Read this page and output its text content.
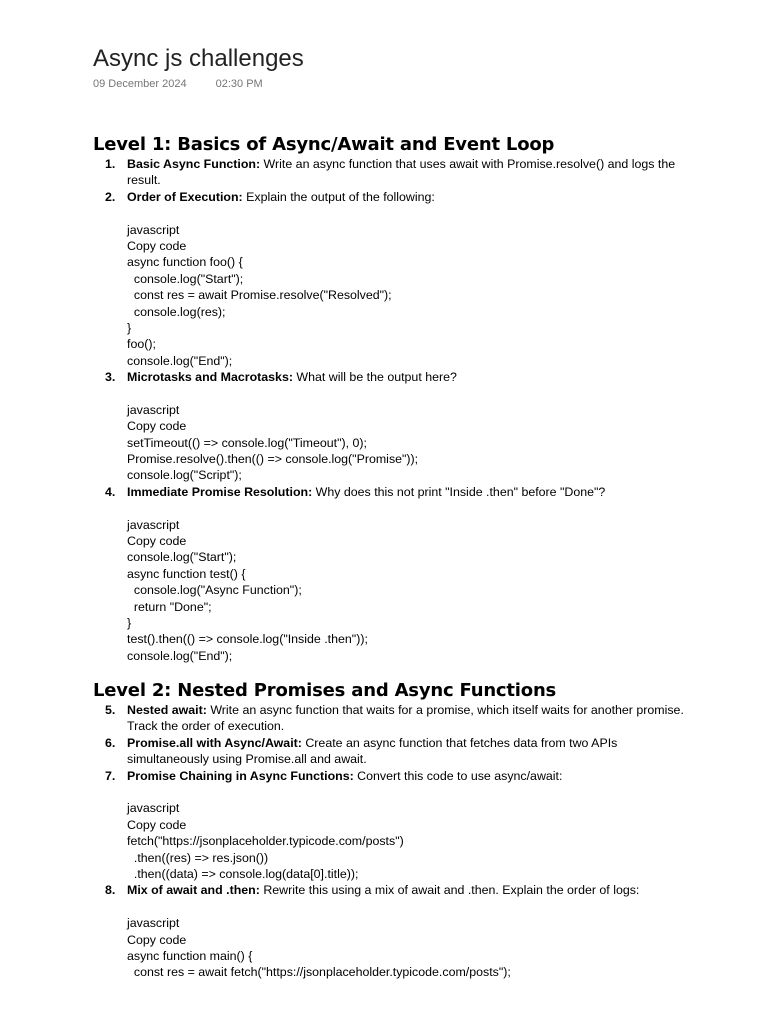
Async js challenges
09 December 2024	02:30 PM
Level 1: Basics of Async/Await and Event Loop
1. Basic Async Function: Write an async function that uses await with Promise.resolve() and logs the result.
2. Order of Execution: Explain the output of the following:
javascript
Copy code
async function foo() {
console.log("Start");
const res = await Promise.resolve("Resolved");
console.log(res);
}
foo();
console.log("End");
3. Microtasks and Macrotasks: What will be the output here?
javascript
Copy code
setTimeout(() => console.log("Timeout"), 0);
Promise.resolve().then(() => console.log("Promise"));
console.log("Script");
4. Immediate Promise Resolution: Why does this not print "Inside .then" before "Done"?
javascript
Copy code
console.log("Start");
async function test() {
console.log("Async Function");
return "Done";
}
test().then(() => console.log("Inside .then"));
console.log("End");
Level 2: Nested Promises and Async Functions
5. Nested await: Write an async function that waits for a promise, which itself waits for another promise. Track the order of execution.
6. Promise.all with Async/Await: Create an async function that fetches data from two APIs simultaneously using Promise.all and await.
7. Promise Chaining in Async Functions: Convert this code to use async/await:
javascript
Copy code
fetch("https://jsonplaceholder.typicode.com/posts")
.then((res) => res.json())
.then((data) => console.log(data[0].title));
8. Mix of await and .then: Rewrite this using a mix of await and .then. Explain the order of logs:
javascript
Copy code
async function main() {
const res = await fetch("https://jsonplaceholder.typicode.com/posts");
